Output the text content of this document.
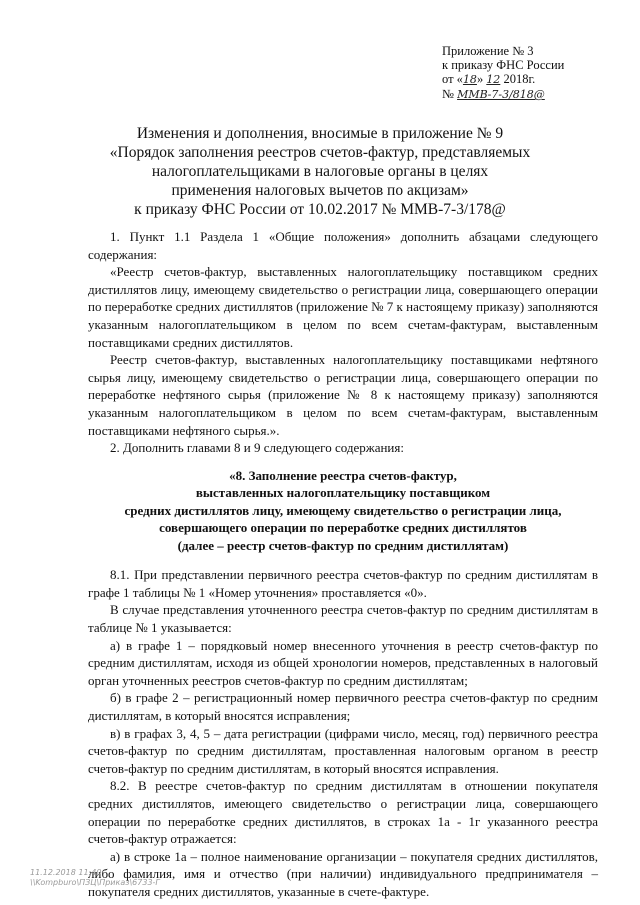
Приложение № 3
к приказу ФНС России
от «18» 12 2018г.
№ ММВ-7-3/818@
Изменения и дополнения, вносимые в приложение № 9
«Порядок заполнения реестров счетов-фактур, представляемых
налогоплательщиками в налоговые органы в целях
применения налоговых вычетов по акцизам»
к приказу ФНС России от 10.02.2017 № ММВ-7-3/178@

1. Пункт 1.1 Раздела 1 «Общие положения» дополнить абзацами следующего содержания:

«Реестр счетов-фактур, выставленных налогоплательщику поставщиком средних дистиллятов лицу, имеющему свидетельство о регистрации лица, совершающего операции по переработке средних дистиллятов (приложение № 7 к настоящему приказу) заполняются указанным налогоплательщиком в целом по всем счетам-фактурам, выставленным поставщиками средних дистиллятов.

Реестр счетов-фактур, выставленных налогоплательщику поставщиками нефтяного сырья лицу, имеющему свидетельство о регистрации лица, совершающего операции по переработке нефтяного сырья (приложение № 8 к настоящему приказу) заполняются указанным налогоплательщиком в целом по всем счетам-фактурам, выставленным поставщиками нефтяного сырья.».

2. Дополнить главами 8 и 9 следующего содержания:

«8. Заполнение реестра счетов-фактур,
выставленных налогоплательщику поставщиком
средних дистиллятов лицу, имеющему свидетельство о регистрации лица,
совершающего операции по переработке средних дистиллятов
(далее – реестр счетов-фактур по средним дистиллятам)

8.1. При представлении первичного реестра счетов-фактур по средним дистиллятам в графе 1 таблицы № 1 «Номер уточнения» проставляется «0».

В случае представления уточненного реестра счетов-фактур по средним дистиллятам в таблице № 1 указывается:

а) в графе 1 – порядковый номер внесенного уточнения в реестр счетов-фактур по средним дистиллятам, исходя из общей хронологии номеров, представленных в налоговый орган уточненных реестров счетов-фактур по средним дистиллятам;

б) в графе 2 – регистрационный номер первичного реестра счетов-фактур по средним дистиллятам, в который вносятся исправления;

в) в графах 3, 4, 5 – дата регистрации (цифрами число, месяц, год) первичного реестра счетов-фактур по средним дистиллятам, проставленная налоговым органом в реестр счетов-фактур по средним дистиллятам, в который вносятся исправления.

8.2. В реестре счетов-фактур по средним дистиллятам в отношении покупателя средних дистиллятов, имеющего свидетельство о регистрации лица, совершающего операции по переработке средних дистиллятов, в строках 1а - 1г указанного реестра счетов-фактур отражается:

а) в строке 1а – полное наименование организации – покупателя средних дистиллятов, либо фамилия, имя и отчество (при наличии) индивидуального предпринимателя – покупателя средних дистиллятов, указанные в счете-фактуре.

11.12.2018 11:40
\\Kompburo\ПЗЦ\Приказ\6733-Г
